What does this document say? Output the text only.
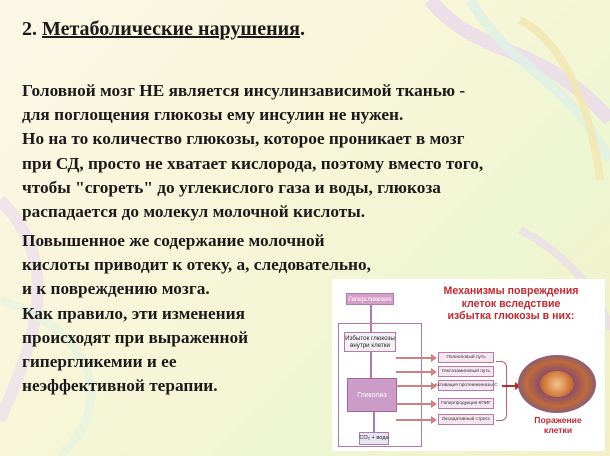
2. Метаболические нарушения.
Головной мозг НЕ является инсулинзависимой тканью -
для поглощения глюкозы ему инсулин не нужен.
Но на то количество глюкозы, которое проникает в мозг
при СД, просто не хватает кислорода, поэтому вместо того,
чтобы "сгореть" до углекислого газа и воды, глюкоза
распадается до молекул молочной кислоты.
Повышенное же содержание молочной
кислоты приводит к отеку, а, следовательно,
и к повреждению мозга.
Как правило, эти изменения
происходят при выраженной
гипергликемии и ее
неэффективной терапии.
Механизмы повреждения
клеток вследствие
избытка глюкозы в них:
Гипергликемия
Избыток глюкозы
внутри клетки
Гликолиз
CO₂ + вода
Полиоловый путь
Гексозаминовый путь
Активация протеинкиназы С
Гиперпродукция КПИГ
Оксидативный стресс	Поражение
клетки
